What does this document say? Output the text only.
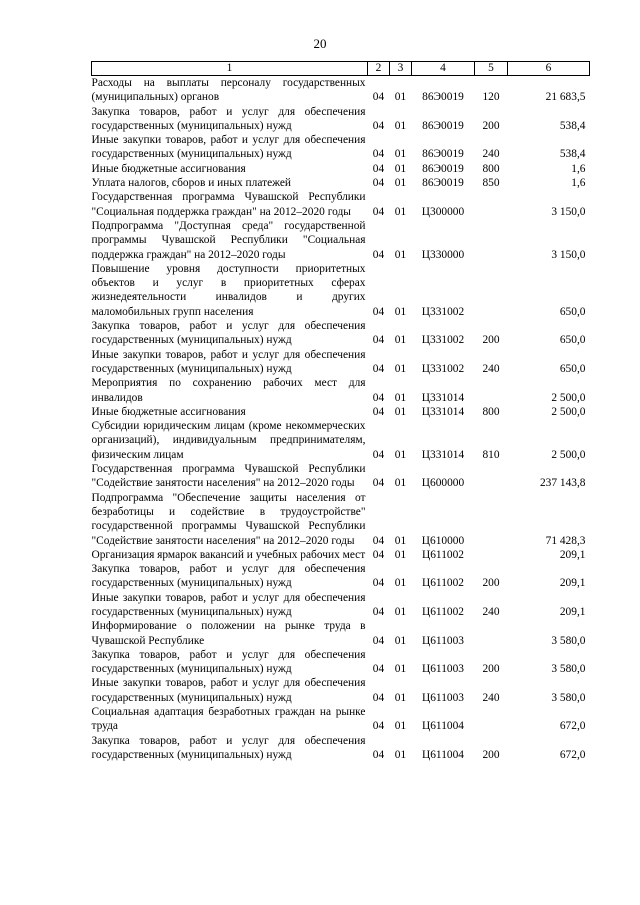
20
1	2	3	4	5	6
Расходы на выплаты персоналу государственных (муниципальных) органов	04	01	86Э0019	120	21 683,5
Закупка товаров, работ и услуг для обеспечения государственных (муниципальных) нужд	04	01	86Э0019	200	538,4
Иные закупки товаров, работ и услуг для обеспечения государственных (муниципальных) нужд	04	01	86Э0019	240	538,4
Иные бюджетные ассигнования	04	01	86Э0019	800	1,6
Уплата налогов, сборов и иных платежей	04	01	86Э0019	850	1,6
Государственная программа Чувашской Республики "Социальная поддержка граждан" на 2012–2020 годы	04	01	Ц300000		3 150,0
Подпрограмма "Доступная среда" государственной программы Чувашской Республики "Социальная поддержка граждан" на 2012–2020 годы	04	01	Ц330000		3 150,0
Повышение уровня доступности приоритетных объектов и услуг в приоритетных сферах жизнедеятельности инвалидов и других маломобильных групп населения	04	01	Ц331002		650,0
Закупка товаров, работ и услуг для обеспечения государственных (муниципальных) нужд	04	01	Ц331002	200	650,0
Иные закупки товаров, работ и услуг для обеспечения государственных (муниципальных) нужд	04	01	Ц331002	240	650,0
Мероприятия по сохранению рабочих мест для инвалидов	04	01	Ц331014		2 500,0
Иные бюджетные ассигнования	04	01	Ц331014	800	2 500,0
Субсидии юридическим лицам (кроме некоммерческих организаций), индивидуальным предпринимателям, физическим лицам	04	01	Ц331014	810	2 500,0
Государственная программа Чувашской Республики "Содействие занятости населения" на 2012–2020 годы	04	01	Ц600000		237 143,8
Подпрограмма "Обеспечение защиты населения от безработицы и содействие в трудоустройстве" государственной программы Чувашской Республики "Содействие занятости населения" на 2012–2020 годы	04	01	Ц610000		71 428,3
Организация ярмарок вакансий и учебных рабочих мест	04	01	Ц611002		209,1
Закупка товаров, работ и услуг для обеспечения государственных (муниципальных) нужд	04	01	Ц611002	200	209,1
Иные закупки товаров, работ и услуг для обеспечения государственных (муниципальных) нужд	04	01	Ц611002	240	209,1
Информирование о положении на рынке труда в Чувашской Республике	04	01	Ц611003		3 580,0
Закупка товаров, работ и услуг для обеспечения государственных (муниципальных) нужд	04	01	Ц611003	200	3 580,0
Иные закупки товаров, работ и услуг для обеспечения государственных (муниципальных) нужд	04	01	Ц611003	240	3 580,0
Социальная адаптация безработных граждан на рынке труда	04	01	Ц611004		672,0
Закупка товаров, работ и услуг для обеспечения государственных (муниципальных) нужд	04	01	Ц611004	200	672,0
